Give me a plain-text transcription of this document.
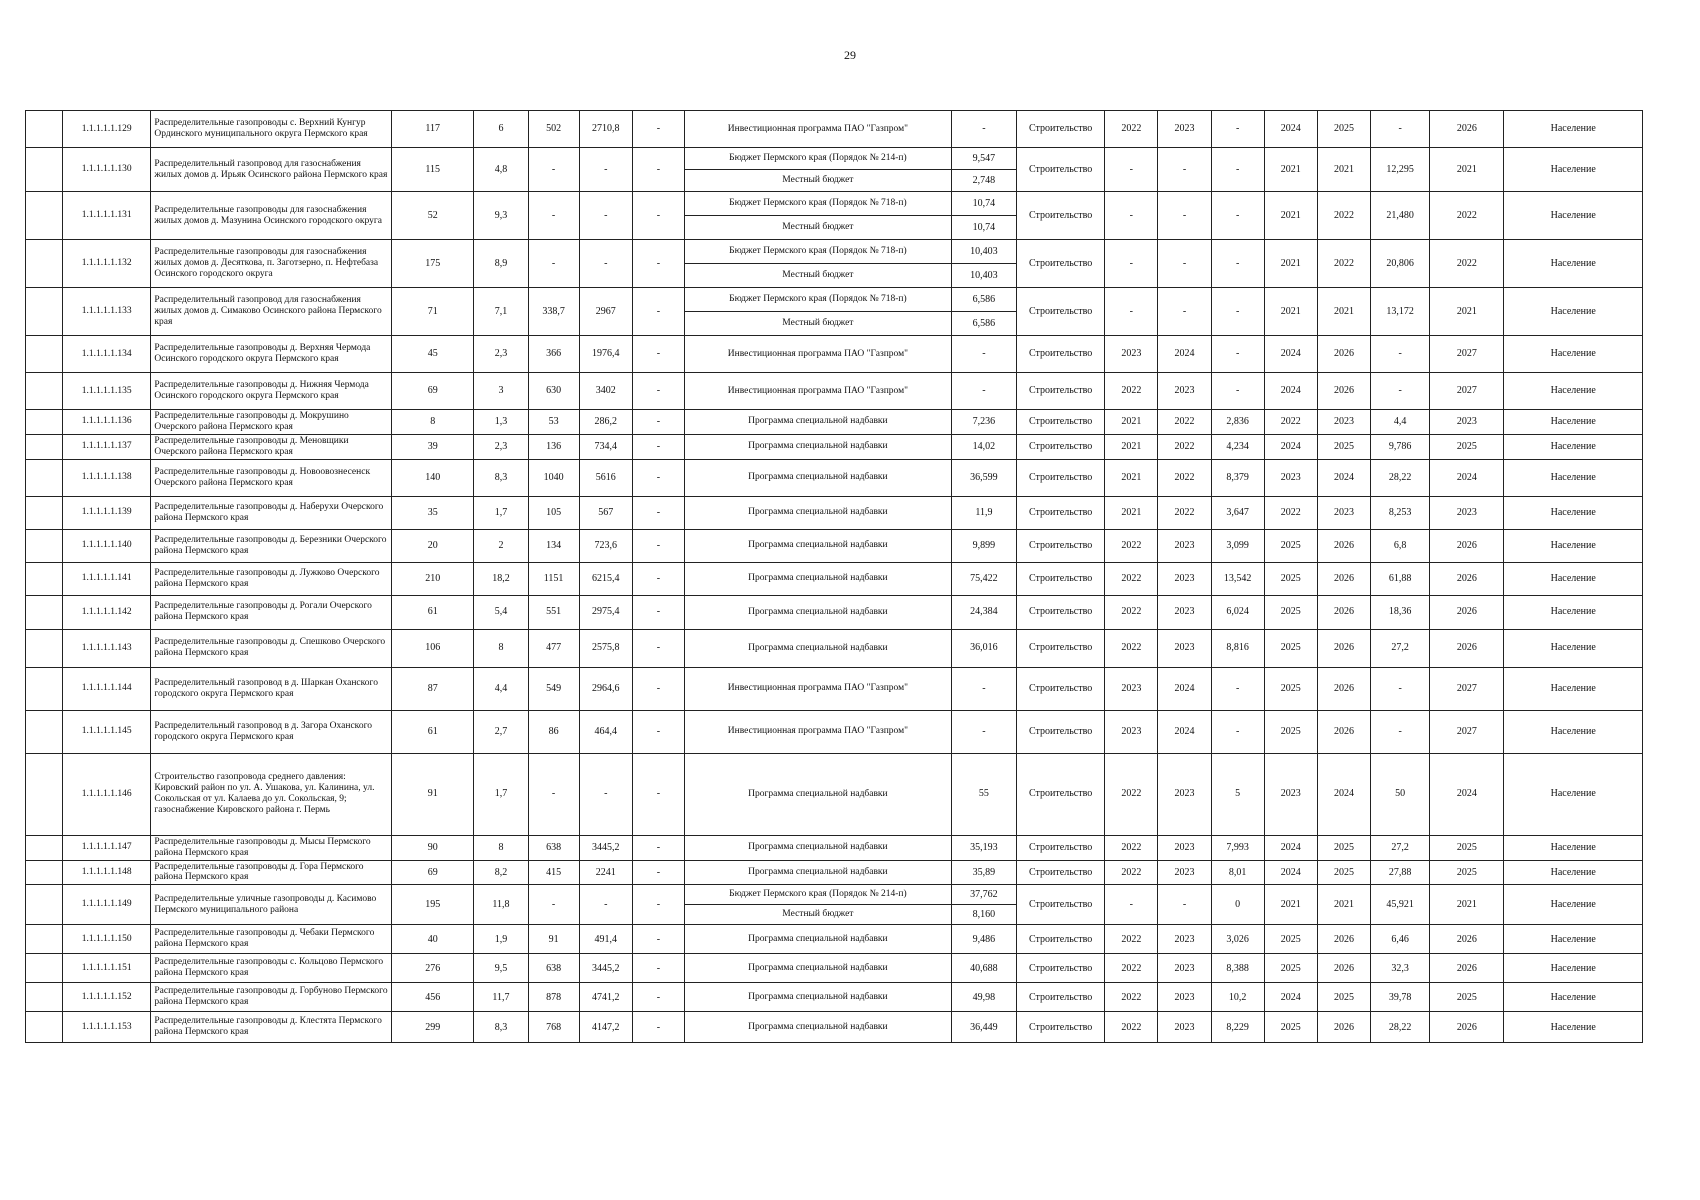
29
	1.1.1.1.1.129	Распределительные газопроводы с. Верхний Кунгур Ординского муниципального округа Пермского края	117	6	502	2710,8	-	Инвестиционная программа ПАО "Газпром"	-	Строительство	2022	2023	-	2024	2025	-	2026	Население
	1.1.1.1.1.130	Распределительный газопровод для газоснабжения жилых домов д. Ирьяк Осинского района Пермского края	115	4,8	-	-	-	Бюджет Пермского края (Порядок № 214-п)	9,547	Строительство	-	-	-	2021	2021	12,295	2021	Население
								Местный бюджет	2,748									
	1.1.1.1.1.131	Распределительные газопроводы для газоснабжения жилых домов д. Мазунина Осинского городского округа	52	9,3	-	-	-	Бюджет Пермского края (Порядок № 718-п)	10,74	Строительство	-	-	-	2021	2022	21,480	2022	Население
								Местный бюджет	10,74									
	1.1.1.1.1.132	Распределительные газопроводы для газоснабжения жилых домов д. Десяткова, п. Заготзерно, п. Нефтебаза Осинского городского округа	175	8,9	-	-	-	Бюджет Пермского края (Порядок № 718-п)	10,403	Строительство	-	-	-	2021	2022	20,806	2022	Население
								Местный бюджет	10,403									
	1.1.1.1.1.133	Распределительный газопровод для газоснабжения жилых домов д. Симаково Осинского района Пермского края	71	7,1	338,7	2967	-	Бюджет Пермского края (Порядок № 718-п)	6,586	Строительство	-	-	-	2021	2021	13,172	2021	Население
								Местный бюджет	6,586									
	1.1.1.1.1.134	Распределительные газопроводы д. Верхняя Чермода Осинского городского округа Пермского края	45	2,3	366	1976,4	-	Инвестиционная программа ПАО "Газпром"	-	Строительство	2023	2024	-	2024	2026	-	2027	Население
	1.1.1.1.1.135	Распределительные газопроводы д. Нижняя Чермода Осинского городского округа Пермского края	69	3	630	3402	-	Инвестиционная программа ПАО "Газпром"	-	Строительство	2022	2023	-	2024	2026	-	2027	Население
	1.1.1.1.1.136	Распределительные газопроводы д. Мокрушино Очерского района Пермского края	8	1,3	53	286,2	-	Программа специальной надбавки	7,236	Строительство	2021	2022	2,836	2022	2023	4,4	2023	Население
	1.1.1.1.1.137	Распределительные газопроводы д. Меновщики Очерского района Пермского края	39	2,3	136	734,4	-	Программа специальной надбавки	14,02	Строительство	2021	2022	4,234	2024	2025	9,786	2025	Население
	1.1.1.1.1.138	Распределительные газопроводы д. Новоовознесенск Очерского района Пермского края	140	8,3	1040	5616	-	Программа специальной надбавки	36,599	Строительство	2021	2022	8,379	2023	2024	28,22	2024	Население
	1.1.1.1.1.139	Распределительные газопроводы д. Наберухи Очерского района Пермского края	35	1,7	105	567	-	Программа специальной надбавки	11,9	Строительство	2021	2022	3,647	2022	2023	8,253	2023	Население
	1.1.1.1.1.140	Распределительные газопроводы д. Березники Очерского района Пермского края	20	2	134	723,6	-	Программа специальной надбавки	9,899	Строительство	2022	2023	3,099	2025	2026	6,8	2026	Население
	1.1.1.1.1.141	Распределительные газопроводы д. Лужково Очерского района Пермского края	210	18,2	1151	6215,4	-	Программа специальной надбавки	75,422	Строительство	2022	2023	13,542	2025	2026	61,88	2026	Население
	1.1.1.1.1.142	Распределительные газопроводы д. Рогали Очерского района Пермского края	61	5,4	551	2975,4	-	Программа специальной надбавки	24,384	Строительство	2022	2023	6,024	2025	2026	18,36	2026	Население
	1.1.1.1.1.143	Распределительные газопроводы д. Спешково Очерского района Пермского края	106	8	477	2575,8	-	Программа специальной надбавки	36,016	Строительство	2022	2023	8,816	2025	2026	27,2	2026	Население
	1.1.1.1.1.144	Распределительный газопровод в д. Шаркан Оханского городского округа Пермского края	87	4,4	549	2964,6	-	Инвестиционная программа ПАО "Газпром"	-	Строительство	2023	2024	-	2025	2026	-	2027	Население
	1.1.1.1.1.145	Распределительный газопровод в д. Загора Оханского городского округа Пермского края	61	2,7	86	464,4	-	Инвестиционная программа ПАО "Газпром"	-	Строительство	2023	2024	-	2025	2026	-	2027	Население
	1.1.1.1.1.146	Строительство газопровода среднего давления: Кировский район по ул. А. Ушакова, ул. Калинина, ул. Сокольская от ул. Калаева до ул. Сокольская, 9; газоснабжение Кировского района г. Пермь	91	1,7	-	-	-	Программа специальной надбавки	55	Строительство	2022	2023	5	2023	2024	50	2024	Население
	1.1.1.1.1.147	Распределительные газопроводы д. Мысы Пермского района Пермского края	90	8	638	3445,2	-	Программа специальной надбавки	35,193	Строительство	2022	2023	7,993	2024	2025	27,2	2025	Население
	1.1.1.1.1.148	Распределительные газопроводы д. Гора Пермского района Пермского края	69	8,2	415	2241	-	Программа специальной надбавки	35,89	Строительство	2022	2023	8,01	2024	2025	27,88	2025	Население
	1.1.1.1.1.149	Распределительные уличные газопроводы д. Касимово Пермского муниципального района	195	11,8	-	-	-	Бюджет Пермского края (Порядок № 214-п)	37,762	Строительство	-	-	0	2021	2021	45,921	2021	Население
								Местный бюджет	8,160									
	1.1.1.1.1.150	Распределительные газопроводы д. Чебаки Пермского района Пермского края	40	1,9	91	491,4	-	Программа специальной надбавки	9,486	Строительство	2022	2023	3,026	2025	2026	6,46	2026	Население
	1.1.1.1.1.151	Распределительные газопроводы с. Кольцово Пермского района Пермского края	276	9,5	638	3445,2	-	Программа специальной надбавки	40,688	Строительство	2022	2023	8,388	2025	2026	32,3	2026	Население
	1.1.1.1.1.152	Распределительные газопроводы д. Горбуново Пермского района Пермского края	456	11,7	878	4741,2	-	Программа специальной надбавки	49,98	Строительство	2022	2023	10,2	2024	2025	39,78	2025	Население
	1.1.1.1.1.153	Распределительные газопроводы д. Клестята Пермского района Пермского края	299	8,3	768	4147,2	-	Программа специальной надбавки	36,449	Строительство	2022	2023	8,229	2025	2026	28,22	2026	Население
